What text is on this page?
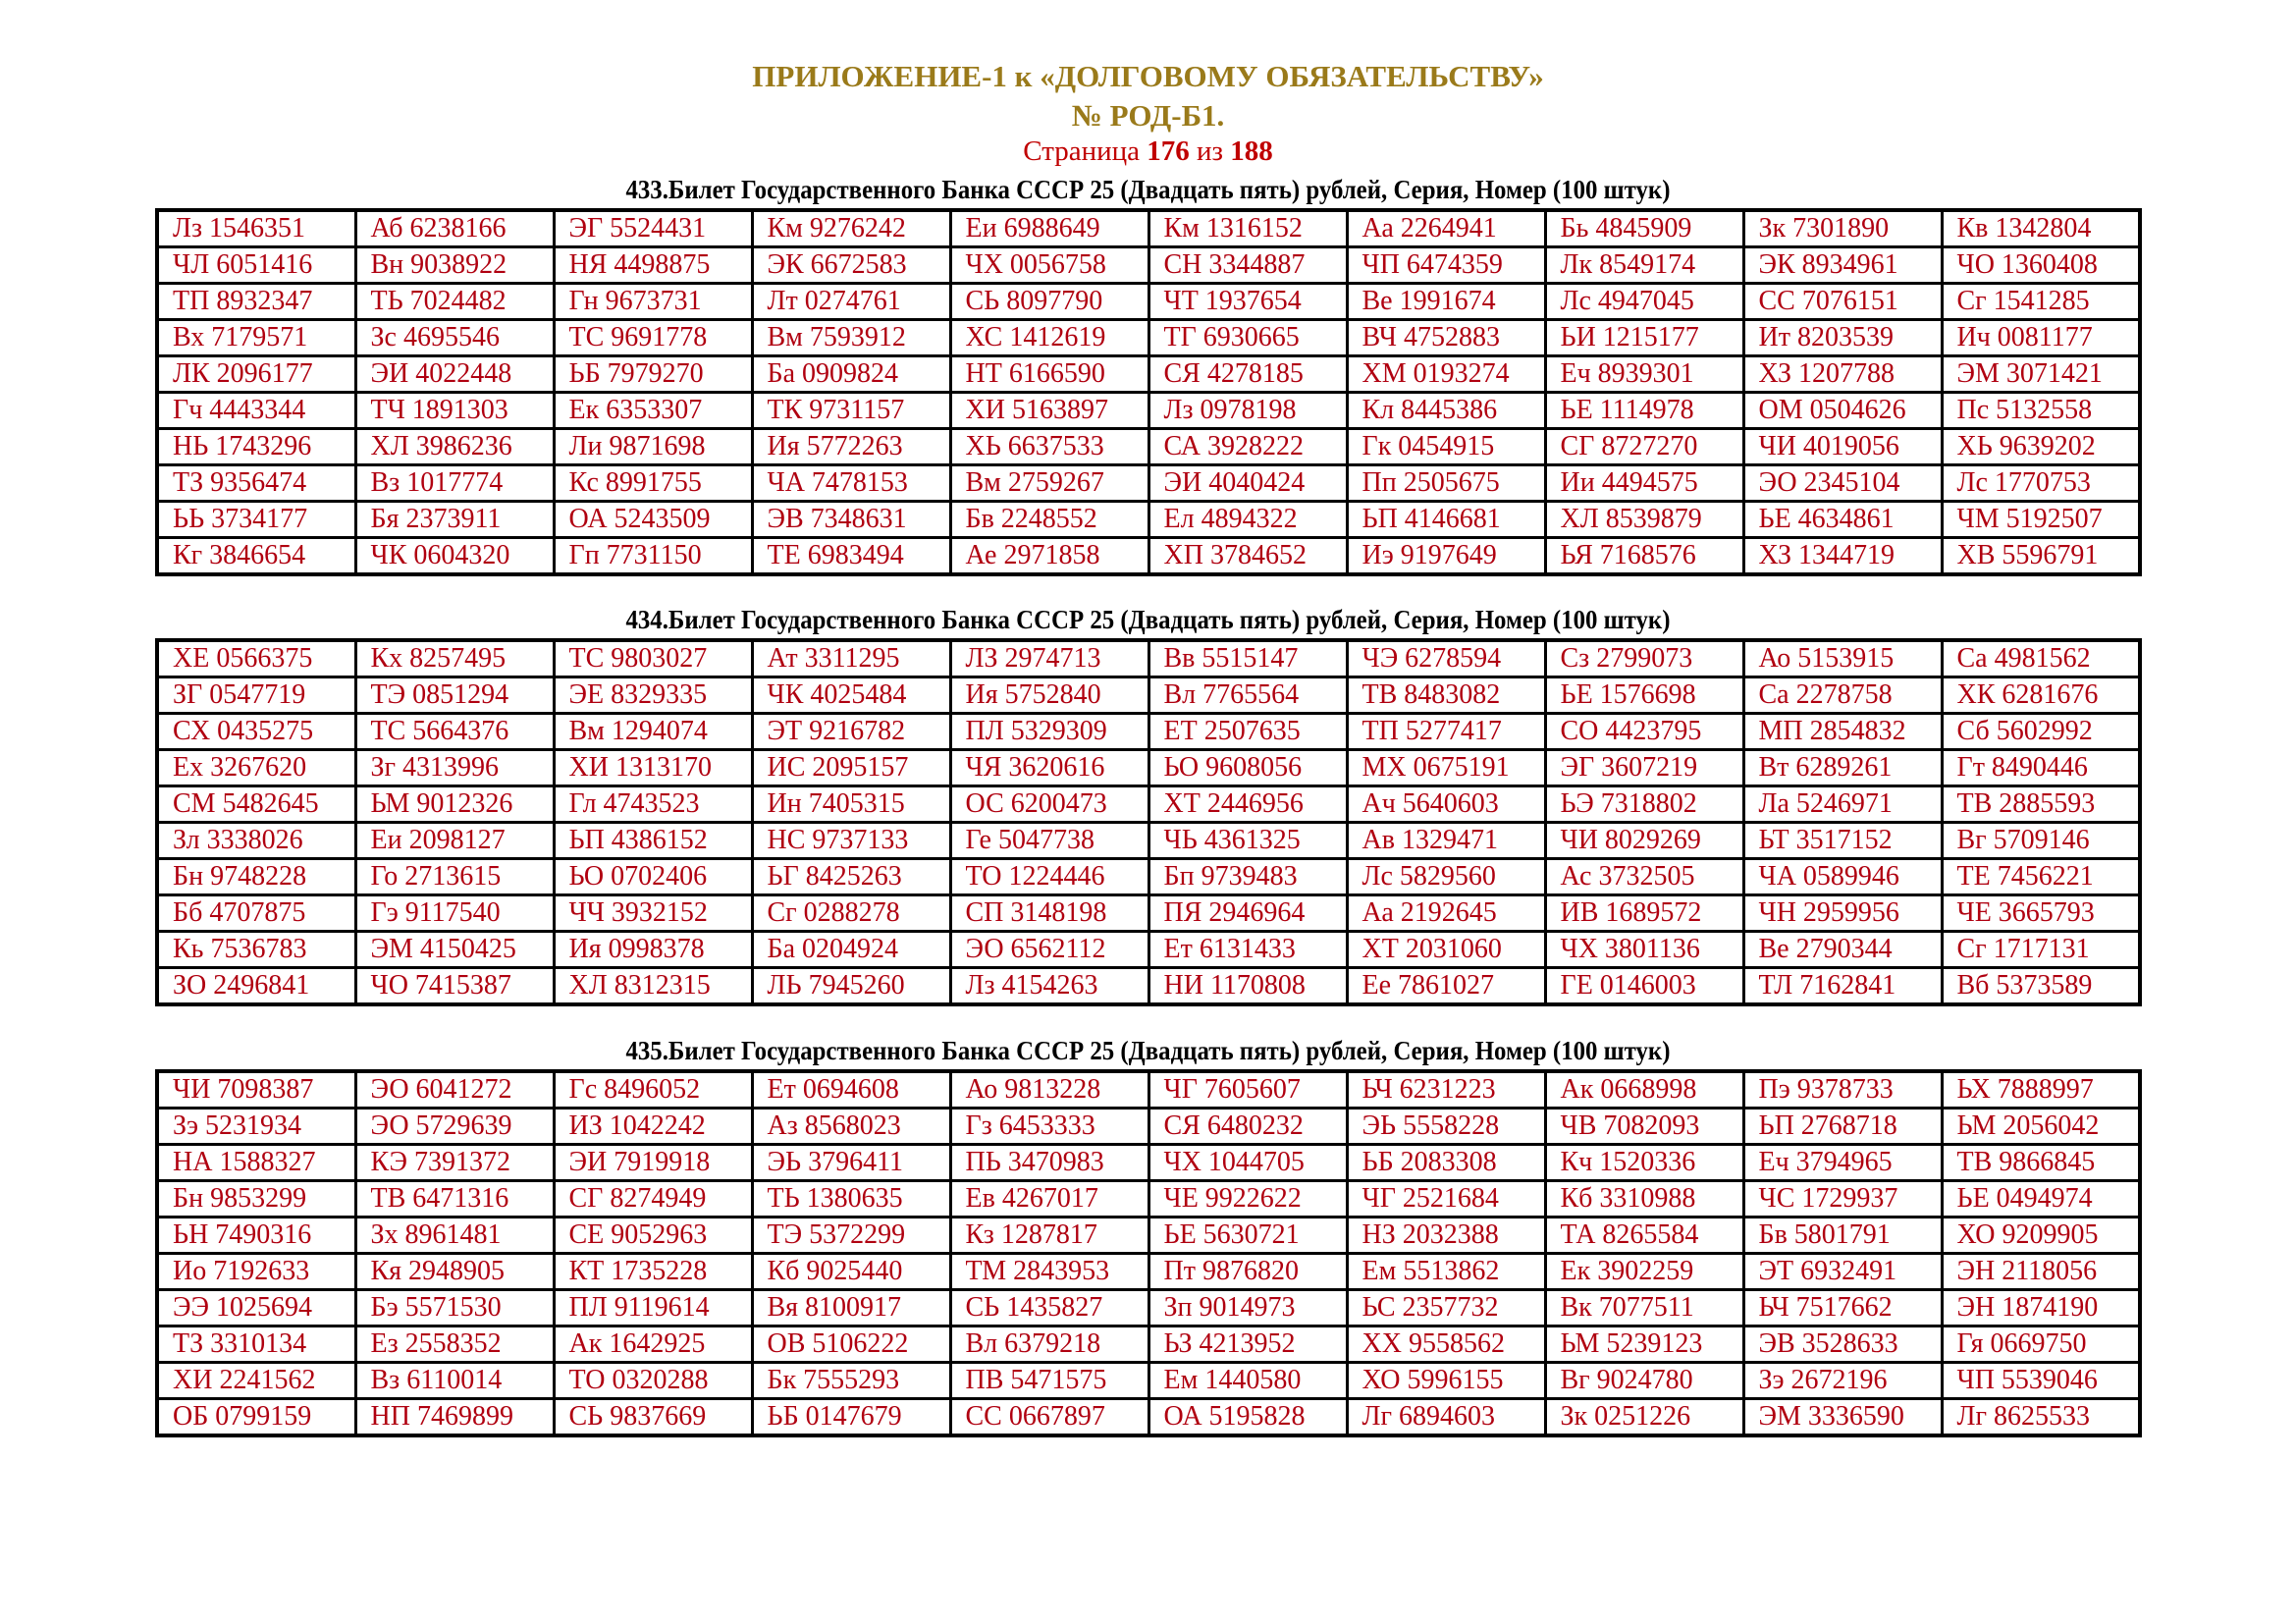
ПРИЛОЖЕНИЕ-1 к «ДОЛГОВОМУ ОБЯЗАТЕЛЬСТВУ»
№ РОД-Б1.
Страница 176 из 188
433.Билет Государственного Банка СССР 25 (Двадцать пять) рублей, Серия, Номер (100 штук)
Лз 1546351	Аб 6238166	ЭГ 5524431	Км 9276242	Еи 6988649	Км 1316152	Аа 2264941	Бь 4845909	Зк 7301890	Кв 1342804
ЧЛ 6051416	Вн 9038922	НЯ 4498875	ЭК 6672583	ЧХ 0056758	СН 3344887	ЧП 6474359	Лк 8549174	ЭК 8934961	ЧО 1360408
ТП 8932347	ТЬ 7024482	Гн 9673731	Лт 0274761	СЬ 8097790	ЧТ 1937654	Ве 1991674	Лс 4947045	СС 7076151	Сг 1541285
Вх 7179571	Зс 4695546	ТС 9691778	Вм 7593912	ХС 1412619	ТГ 6930665	ВЧ 4752883	ЬИ 1215177	Ит 8203539	Ич 0081177
ЛК 2096177	ЭИ 4022448	ЬБ 7979270	Ба 0909824	НТ 6166590	СЯ 4278185	ХМ 0193274	Еч 8939301	ХЗ 1207788	ЭМ 3071421
Гч 4443344	ТЧ 1891303	Ек 6353307	ТК 9731157	ХИ 5163897	Лз 0978198	Кл 8445386	ЬЕ 1114978	ОМ 0504626	Пс 5132558
НЬ 1743296	ХЛ 3986236	Ли 9871698	Ия 5772263	ХЬ 6637533	СА 3928222	Гк 0454915	СГ 8727270	ЧИ 4019056	ХЬ 9639202
ТЗ 9356474	Вз 1017774	Кс 8991755	ЧА 7478153	Вм 2759267	ЭИ 4040424	Пп 2505675	Ии 4494575	ЭО 2345104	Лс 1770753
ЬЬ 3734177	Бя 2373911	ОА 5243509	ЭВ 7348631	Бв 2248552	Ел 4894322	ЬП 4146681	ХЛ 8539879	ЬЕ 4634861	ЧМ 5192507
Кг 3846654	ЧК 0604320	Гп 7731150	ТЕ 6983494	Ае 2971858	ХП 3784652	Иэ 9197649	ЬЯ 7168576	ХЗ 1344719	ХВ 5596791
434.Билет Государственного Банка СССР 25 (Двадцать пять) рублей, Серия, Номер (100 штук)
ХЕ 0566375	Кх 8257495	ТС 9803027	Ат 3311295	ЛЗ 2974713	Вв 5515147	ЧЭ 6278594	Сз 2799073	Ао 5153915	Са 4981562
ЗГ 0547719	ТЭ 0851294	ЭЕ 8329335	ЧК 4025484	Ия 5752840	Вл 7765564	ТВ 8483082	ЬЕ 1576698	Са 2278758	ХК 6281676
СХ 0435275	ТС 5664376	Вм 1294074	ЭТ 9216782	ПЛ 5329309	ЕТ 2507635	ТП 5277417	СО 4423795	МП 2854832	Сб 5602992
Ех 3267620	Зг 4313996	ХИ 1313170	ИС 2095157	ЧЯ 3620616	ЬО 9608056	МХ 0675191	ЭГ 3607219	Вт 6289261	Гт 8490446
СМ 5482645	ЬМ 9012326	Гл 4743523	Ин 7405315	ОС 6200473	ХТ 2446956	Ач 5640603	ЬЭ 7318802	Ла 5246971	ТВ 2885593
Зл 3338026	Еи 2098127	ЬП 4386152	НС 9737133	Ге 5047738	ЧЬ 4361325	Ав 1329471	ЧИ 8029269	ЬТ 3517152	Вг 5709146
Бн 9748228	Го 2713615	ЬО 0702406	ЬГ 8425263	ТО 1224446	Бп 9739483	Лс 5829560	Ас 3732505	ЧА 0589946	ТЕ 7456221
Бб 4707875	Гэ 9117540	ЧЧ 3932152	Сг 0288278	СП 3148198	ПЯ 2946964	Аа 2192645	ИВ 1689572	ЧН 2959956	ЧЕ 3665793
Кь 7536783	ЭМ 4150425	Ия 0998378	Ба 0204924	ЭО 6562112	Ет 6131433	ХТ 2031060	ЧХ 3801136	Ве 2790344	Сг 1717131
ЗО 2496841	ЧО 7415387	ХЛ 8312315	ЛЬ 7945260	Лз 4154263	НИ 1170808	Ее 7861027	ГЕ 0146003	ТЛ 7162841	Вб 5373589
435.Билет Государственного Банка СССР 25 (Двадцать пять) рублей, Серия, Номер (100 штук)
ЧИ 7098387	ЭО 6041272	Гс 8496052	Ет 0694608	Ао 9813228	ЧГ 7605607	ЬЧ 6231223	Ак 0668998	Пэ 9378733	ЬХ 7888997
Зэ 5231934	ЭО 5729639	ИЗ 1042242	Аз 8568023	Гз 6453333	СЯ 6480232	ЭЬ 5558228	ЧВ 7082093	ЬП 2768718	ЬМ 2056042
НА 1588327	КЭ 7391372	ЭИ 7919918	ЭЬ 3796411	ПЬ 3470983	ЧХ 1044705	ЬБ 2083308	Кч 1520336	Еч 3794965	ТВ 9866845
Бн 9853299	ТВ 6471316	СГ 8274949	ТЬ 1380635	Ев 4267017	ЧЕ 9922622	ЧГ 2521684	Кб 3310988	ЧС 1729937	ЬЕ 0494974
ЬН 7490316	Зх 8961481	СЕ 9052963	ТЭ 5372299	Кз 1287817	ЬЕ 5630721	НЗ 2032388	ТА 8265584	Бв 5801791	ХО 9209905
Ио 7192633	Кя 2948905	КТ 1735228	Кб 9025440	ТМ 2843953	Пт 9876820	Ем 5513862	Ек 3902259	ЭТ 6932491	ЭН 2118056
ЭЭ 1025694	Бэ 5571530	ПЛ 9119614	Вя 8100917	СЬ 1435827	Зп 9014973	ЬС 2357732	Вк 7077511	ЬЧ 7517662	ЭН 1874190
ТЗ 3310134	Ез 2558352	Ак 1642925	ОВ 5106222	Вл 6379218	ЬЗ 4213952	ХХ 9558562	ЬМ 5239123	ЭВ 3528633	Гя 0669750
ХИ 2241562	Вз 6110014	ТО 0320288	Бк 7555293	ПВ 5471575	Ем 1440580	ХО 5996155	Вг 9024780	Зэ 2672196	ЧП 5539046
ОБ 0799159	НП 7469899	СЬ 9837669	ЬБ 0147679	СС 0667897	ОА 5195828	Лг 6894603	Зк 0251226	ЭМ 3336590	Лг 8625533
